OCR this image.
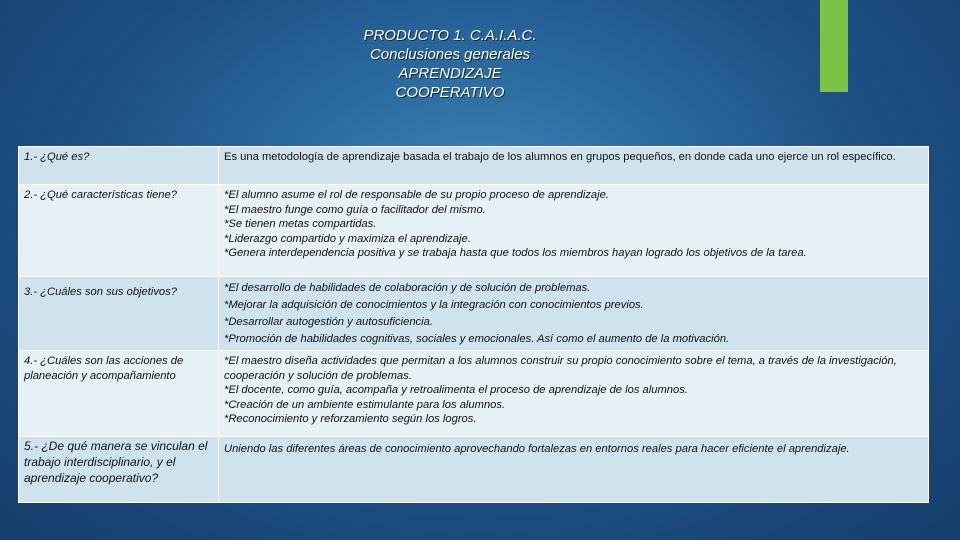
PRODUCTO 1. C.A.I.A.C.
Conclusiones generales
APRENDIZAJE
COOPERATIVO
1.- ¿Qué es?	Es una metodología de aprendizaje basada el trabajo de los alumnos en grupos pequeños, en donde cada uno ejerce un rol específico.

2.- ¿Qué características tiene?	*El alumno asume el rol de responsable de su propio proceso de aprendizaje.
*El maestro funge como guía o facilitador del mismo.
*Se tienen metas compartidas.
*Liderazgo compartido y maximiza el aprendizaje.
*Genera interdependencia positiva y se trabaja hasta que todos los miembros hayan logrado los objetivos de la tarea.

3.- ¿Cuáles son sus objetivos?	*El desarrollo de habilidades de colaboración y de solución de problemas.
*Mejorar la adquisición de conocimientos y la integración con conocimientos previos.
*Desarrollar autogestión y autosuficiencia.
*Promoción de habilidades cognitivas, sociales y emocionales. Así como el aumento de la motivación.

4.- ¿Cuáles son las acciones de planeación y acompañamiento	*El maestro diseña actividades que permitan a los alumnos construir su propio conocimiento sobre el tema, a través de la investigación, cooperación y solución de problemas.
*El docente, como guía, acompaña y retroalimenta el proceso de aprendizaje de los alumnos.
*Creación de un ambiente estimulante para los alumnos.
*Reconocimiento y reforzamiento según los logros.

5.- ¿De qué manera se vinculan el trabajo interdisciplinario, y el aprendizaje cooperativo?	Uniendo las diferentes áreas de conocimiento aprovechando fortalezas en entornos reales para hacer eficiente el aprendizaje.
